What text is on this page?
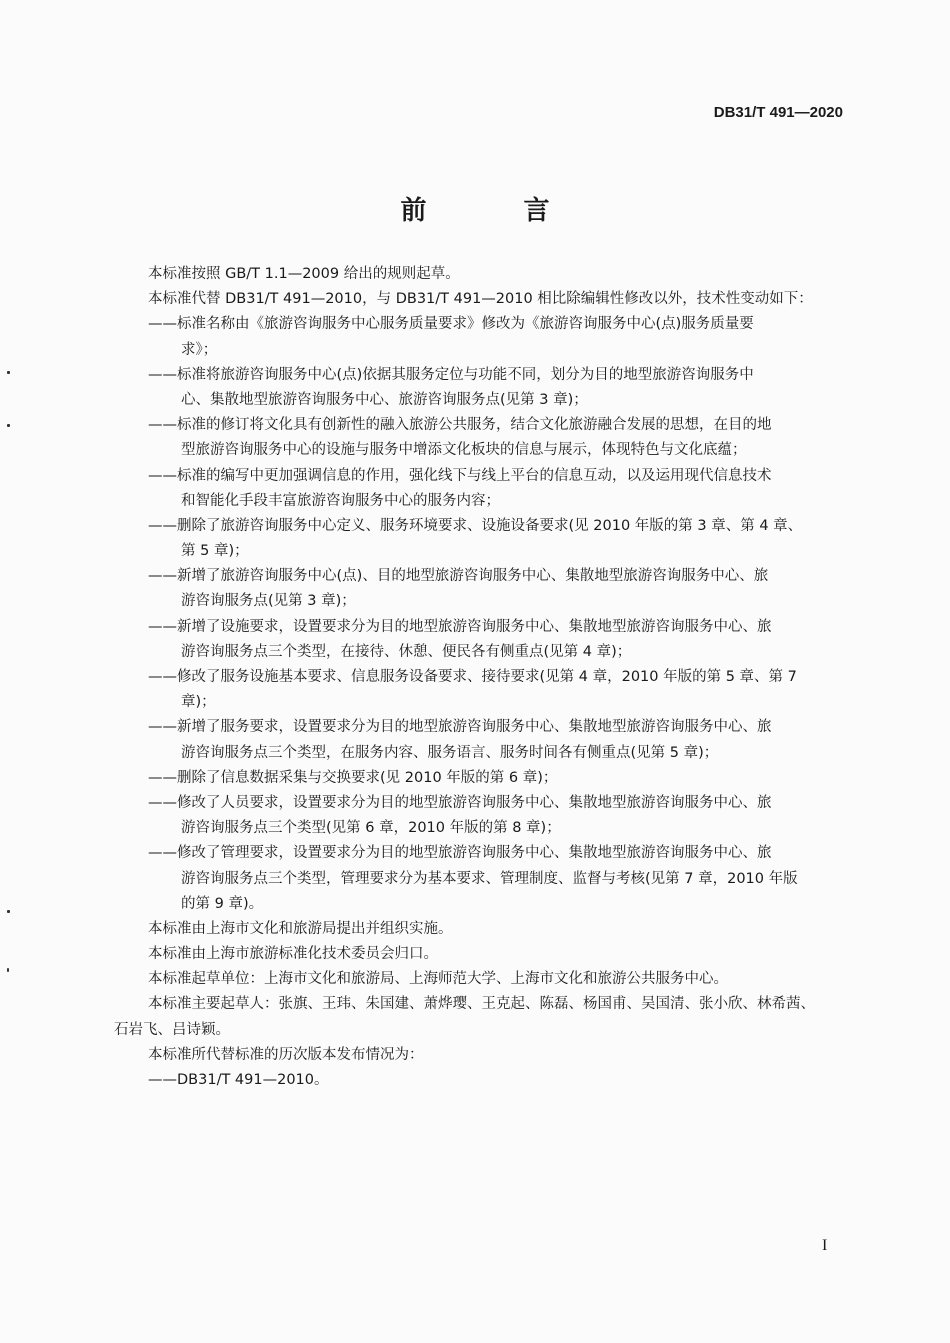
DB31/T 491—2020
前 言
本标准按照 GB/T 1.1—2009 给出的规则起草。
本标准代替 DB31/T 491—2010，与 DB31/T 491—2010 相比除编辑性修改以外，技术性变动如下：
——标准名称由《旅游咨询服务中心服务质量要求》修改为《旅游咨询服务中心(点)服务质量要
求》；
——标准将旅游咨询服务中心(点)依据其服务定位与功能不同，划分为目的地型旅游咨询服务中
心、集散地型旅游咨询服务中心、旅游咨询服务点(见第 3 章)；
——标准的修订将文化具有创新性的融入旅游公共服务，结合文化旅游融合发展的思想，在目的地
型旅游咨询服务中心的设施与服务中增添文化板块的信息与展示，体现特色与文化底蕴；
——标准的编写中更加强调信息的作用，强化线下与线上平台的信息互动，以及运用现代信息技术
和智能化手段丰富旅游咨询服务中心的服务内容；
——删除了旅游咨询服务中心定义、服务环境要求、设施设备要求(见 2010 年版的第 3 章、第 4 章、
第 5 章)；
——新增了旅游咨询服务中心(点)、目的地型旅游咨询服务中心、集散地型旅游咨询服务中心、旅
游咨询服务点(见第 3 章)；
——新增了设施要求，设置要求分为目的地型旅游咨询服务中心、集散地型旅游咨询服务中心、旅
游咨询服务点三个类型，在接待、休憩、便民各有侧重点(见第 4 章)；
——修改了服务设施基本要求、信息服务设备要求、接待要求(见第 4 章，2010 年版的第 5 章、第 7
章)；
——新增了服务要求，设置要求分为目的地型旅游咨询服务中心、集散地型旅游咨询服务中心、旅
游咨询服务点三个类型，在服务内容、服务语言、服务时间各有侧重点(见第 5 章)；
——删除了信息数据采集与交换要求(见 2010 年版的第 6 章)；
——修改了人员要求，设置要求分为目的地型旅游咨询服务中心、集散地型旅游咨询服务中心、旅
游咨询服务点三个类型(见第 6 章，2010 年版的第 8 章)；
——修改了管理要求，设置要求分为目的地型旅游咨询服务中心、集散地型旅游咨询服务中心、旅
游咨询服务点三个类型，管理要求分为基本要求、管理制度、监督与考核(见第 7 章，2010 年版
的第 9 章)。
本标准由上海市文化和旅游局提出并组织实施。
本标准由上海市旅游标准化技术委员会归口。
本标准起草单位：上海市文化和旅游局、上海师范大学、上海市文化和旅游公共服务中心。
本标准主要起草人：张旗、王玮、朱国建、萧烨璎、王克起、陈磊、杨国甫、吴国清、张小欣、林希茜、
石岩飞、吕诗颖。
本标准所代替标准的历次版本发布情况为：
——DB31/T 491—2010。
I
